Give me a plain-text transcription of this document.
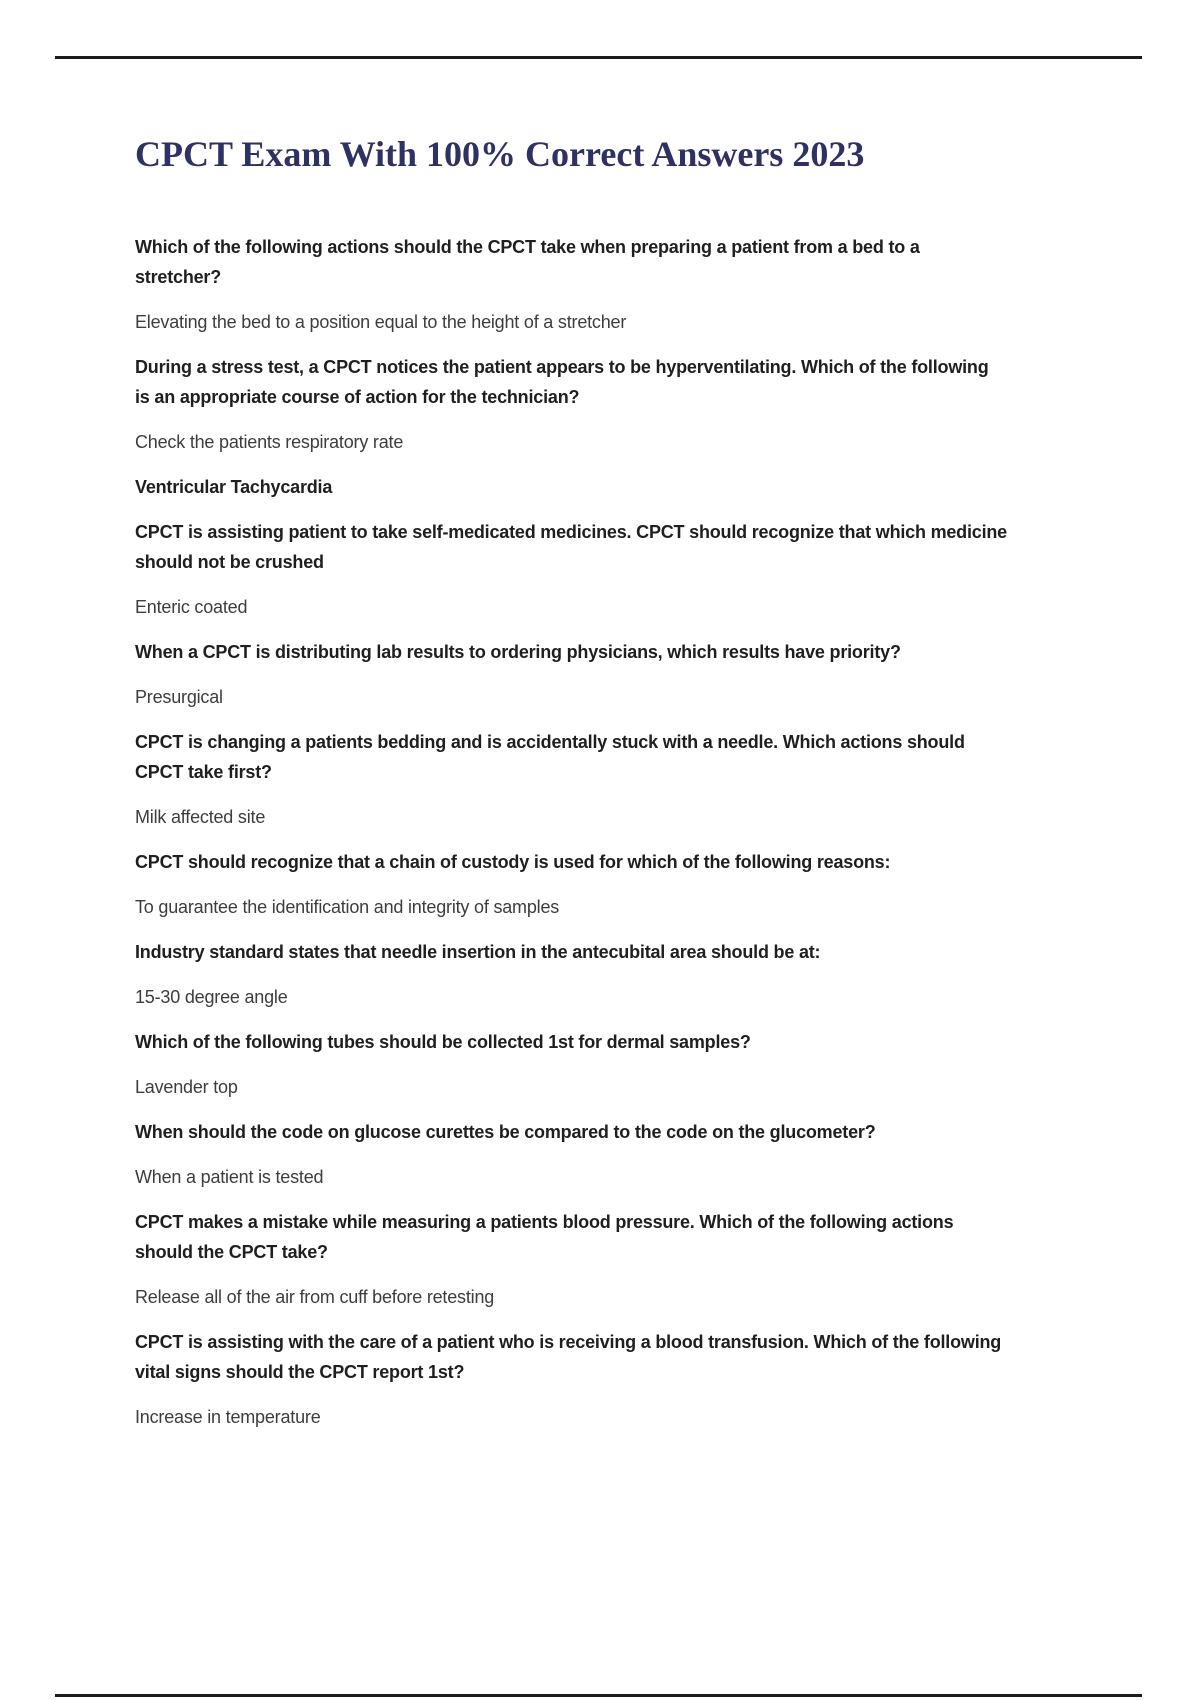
CPCT Exam With 100% Correct Answers 2023
Which of the following actions should the CPCT take when preparing a patient from a bed to a
stretcher?
Elevating the bed to a position equal to the height of a stretcher
During a stress test, a CPCT notices the patient appears to be hyperventilating. Which of the following
is an appropriate course of action for the technician?
Check the patients respiratory rate
Ventricular Tachycardia
CPCT is assisting patient to take self-medicated medicines. CPCT should recognize that which medicine
should not be crushed
Enteric coated
When a CPCT is distributing lab results to ordering physicians, which results have priority?
Presurgical
CPCT is changing a patients bedding and is accidentally stuck with a needle. Which actions should
CPCT take first?
Milk affected site
CPCT should recognize that a chain of custody is used for which of the following reasons:
To guarantee the identification and integrity of samples
Industry standard states that needle insertion in the antecubital area should be at:
15-30 degree angle
Which of the following tubes should be collected 1st for dermal samples?
Lavender top
When should the code on glucose curettes be compared to the code on the glucometer?
When a patient is tested
CPCT makes a mistake while measuring a patients blood pressure. Which of the following actions
should the CPCT take?
Release all of the air from cuff before retesting
CPCT is assisting with the care of a patient who is receiving a blood transfusion. Which of the following
vital signs should the CPCT report 1st?
Increase in temperature
